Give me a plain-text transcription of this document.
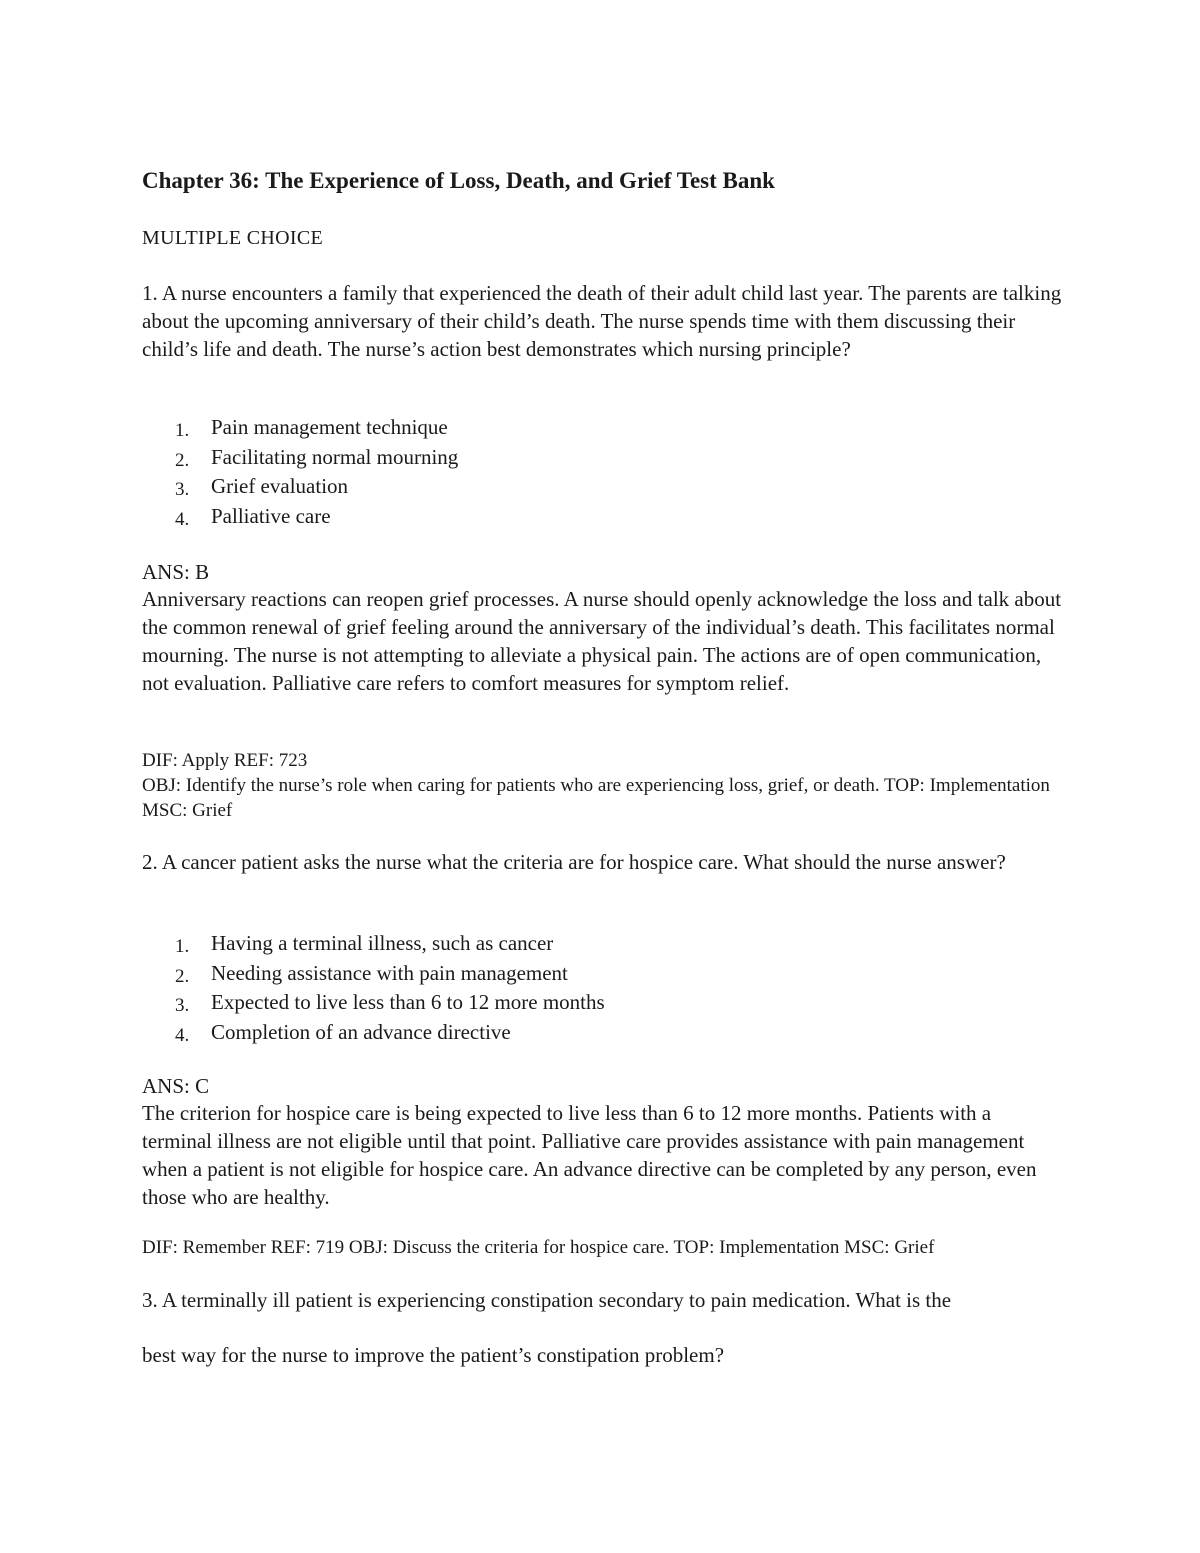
Chapter 36: The Experience of Loss, Death, and Grief Test Bank
MULTIPLE CHOICE
1. A nurse encounters a family that experienced the death of their adult child last year. The parents are talking about the upcoming anniversary of their child’s death. The nurse spends time with them discussing their child’s life and death. The nurse’s action best demonstrates which nursing principle?
1. Pain management technique
2. Facilitating normal mourning
3. Grief evaluation
4. Palliative care
ANS: B
Anniversary reactions can reopen grief processes. A nurse should openly acknowledge the loss and talk about the common renewal of grief feeling around the anniversary of the individual’s death. This facilitates normal mourning. The nurse is not attempting to alleviate a physical pain. The actions are of open communication, not evaluation. Palliative care refers to comfort measures for symptom relief.
DIF: Apply REF: 723
OBJ: Identify the nurse’s role when caring for patients who are experiencing loss, grief, or death. TOP: Implementation MSC: Grief
2. A cancer patient asks the nurse what the criteria are for hospice care. What should the nurse answer?
1. Having a terminal illness, such as cancer
2. Needing assistance with pain management
3. Expected to live less than 6 to 12 more months
4. Completion of an advance directive
ANS: C
The criterion for hospice care is being expected to live less than 6 to 12 more months. Patients with a terminal illness are not eligible until that point. Palliative care provides assistance with pain management when a patient is not eligible for hospice care. An advance directive can be completed by any person, even those who are healthy.
DIF: Remember REF: 719 OBJ: Discuss the criteria for hospice care. TOP: Implementation MSC: Grief
3. A terminally ill patient is experiencing constipation secondary to pain medication. What is the
best way for the nurse to improve the patient’s constipation problem?
